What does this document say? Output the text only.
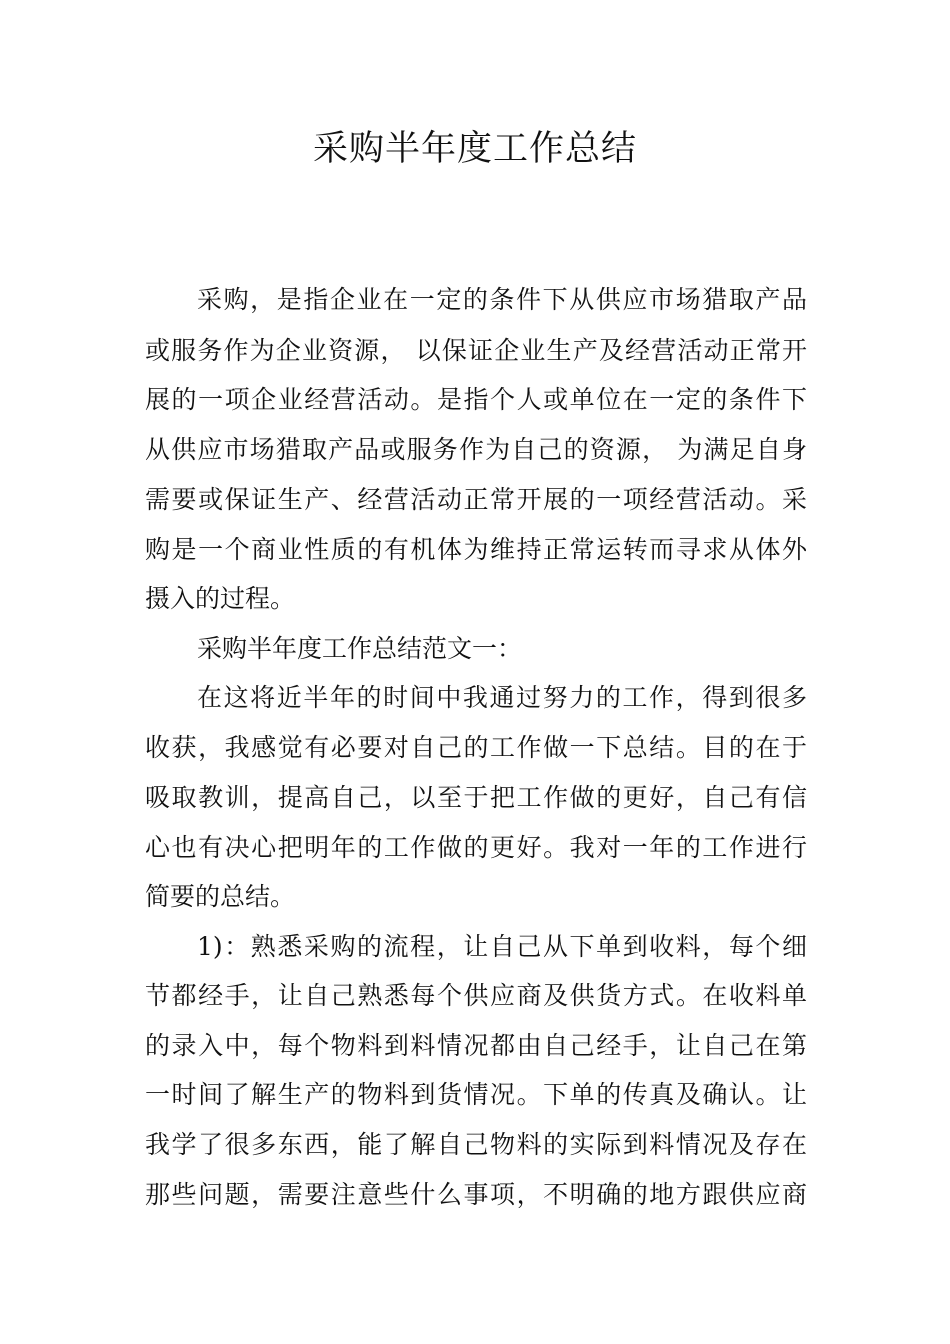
采购半年度工作总结
采购，是指企业在一定的条件下从供应市场猎取产品
或服务作为企业资源， 以保证企业生产及经营活动正常开
展的一项企业经营活动。是指个人或单位在一定的条件下
从供应市场猎取产品或服务作为自己的资源， 为满足自身
需要或保证生产、经营活动正常开展的一项经营活动。采
购是一个商业性质的有机体为维持正常运转而寻求从体外
摄入的过程。
采购半年度工作总结范文一：
在这将近半年的时间中我通过努力的工作，得到很多
收获，我感觉有必要对自己的工作做一下总结。目的在于
吸取教训，提高自己，以至于把工作做的更好，自己有信
心也有决心把明年的工作做的更好。我对一年的工作进行
简要的总结。
1)：熟悉采购的流程，让自己从下单到收料，每个细
节都经手，让自己熟悉每个供应商及供货方式。在收料单
的录入中，每个物料到料情况都由自己经手，让自己在第
一时间了解生产的物料到货情况。下单的传真及确认。让
我学了很多东西，能了解自己物料的实际到料情况及存在
那些问题，需要注意些什么事项，不明确的地方跟供应商
